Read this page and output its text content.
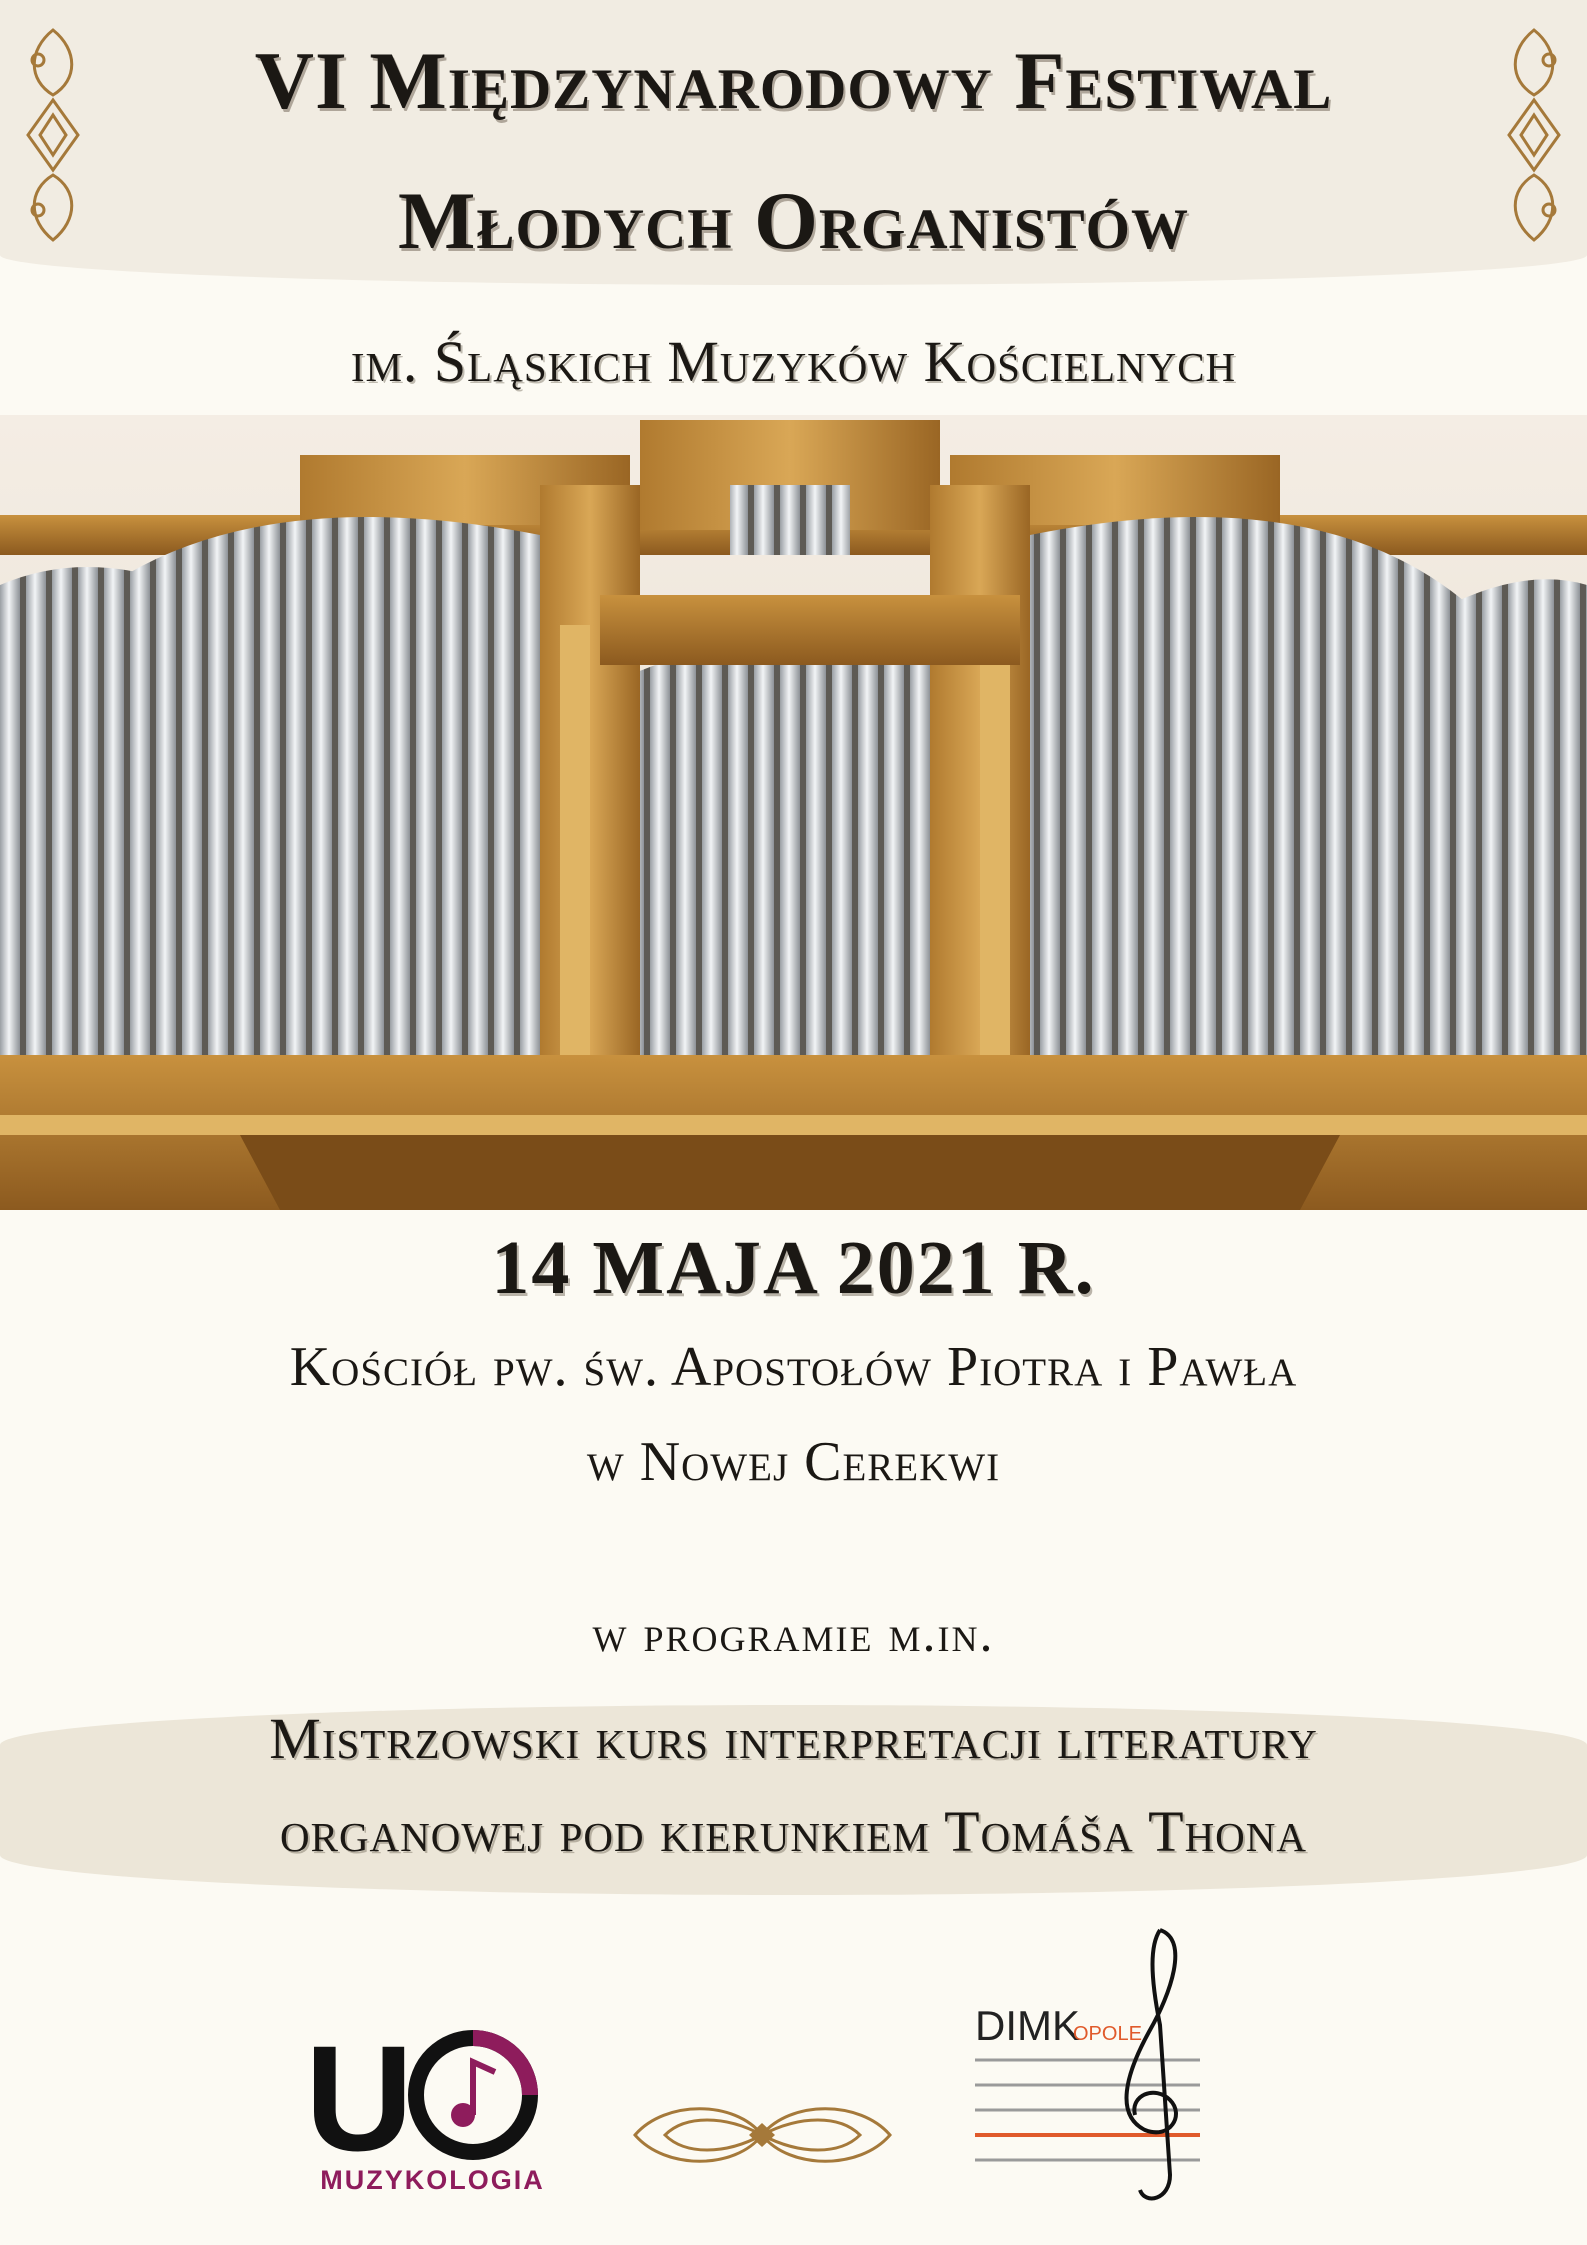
VI Międzynarodowy Festiwal
Młodych Organistów
im. Śląskich Muzyków Kościelnych
14 MAJA 2021 R.
Kościół pw. św. Apostołów Piotra i Pawła
w Nowej Cerekwi
w programie m.in.
Mistrzowski kurs interpretacji literatury
organowej pod kierunkiem Tomáša Thona
U
MUZYKOLOGIA
DIMK
OPOLE
